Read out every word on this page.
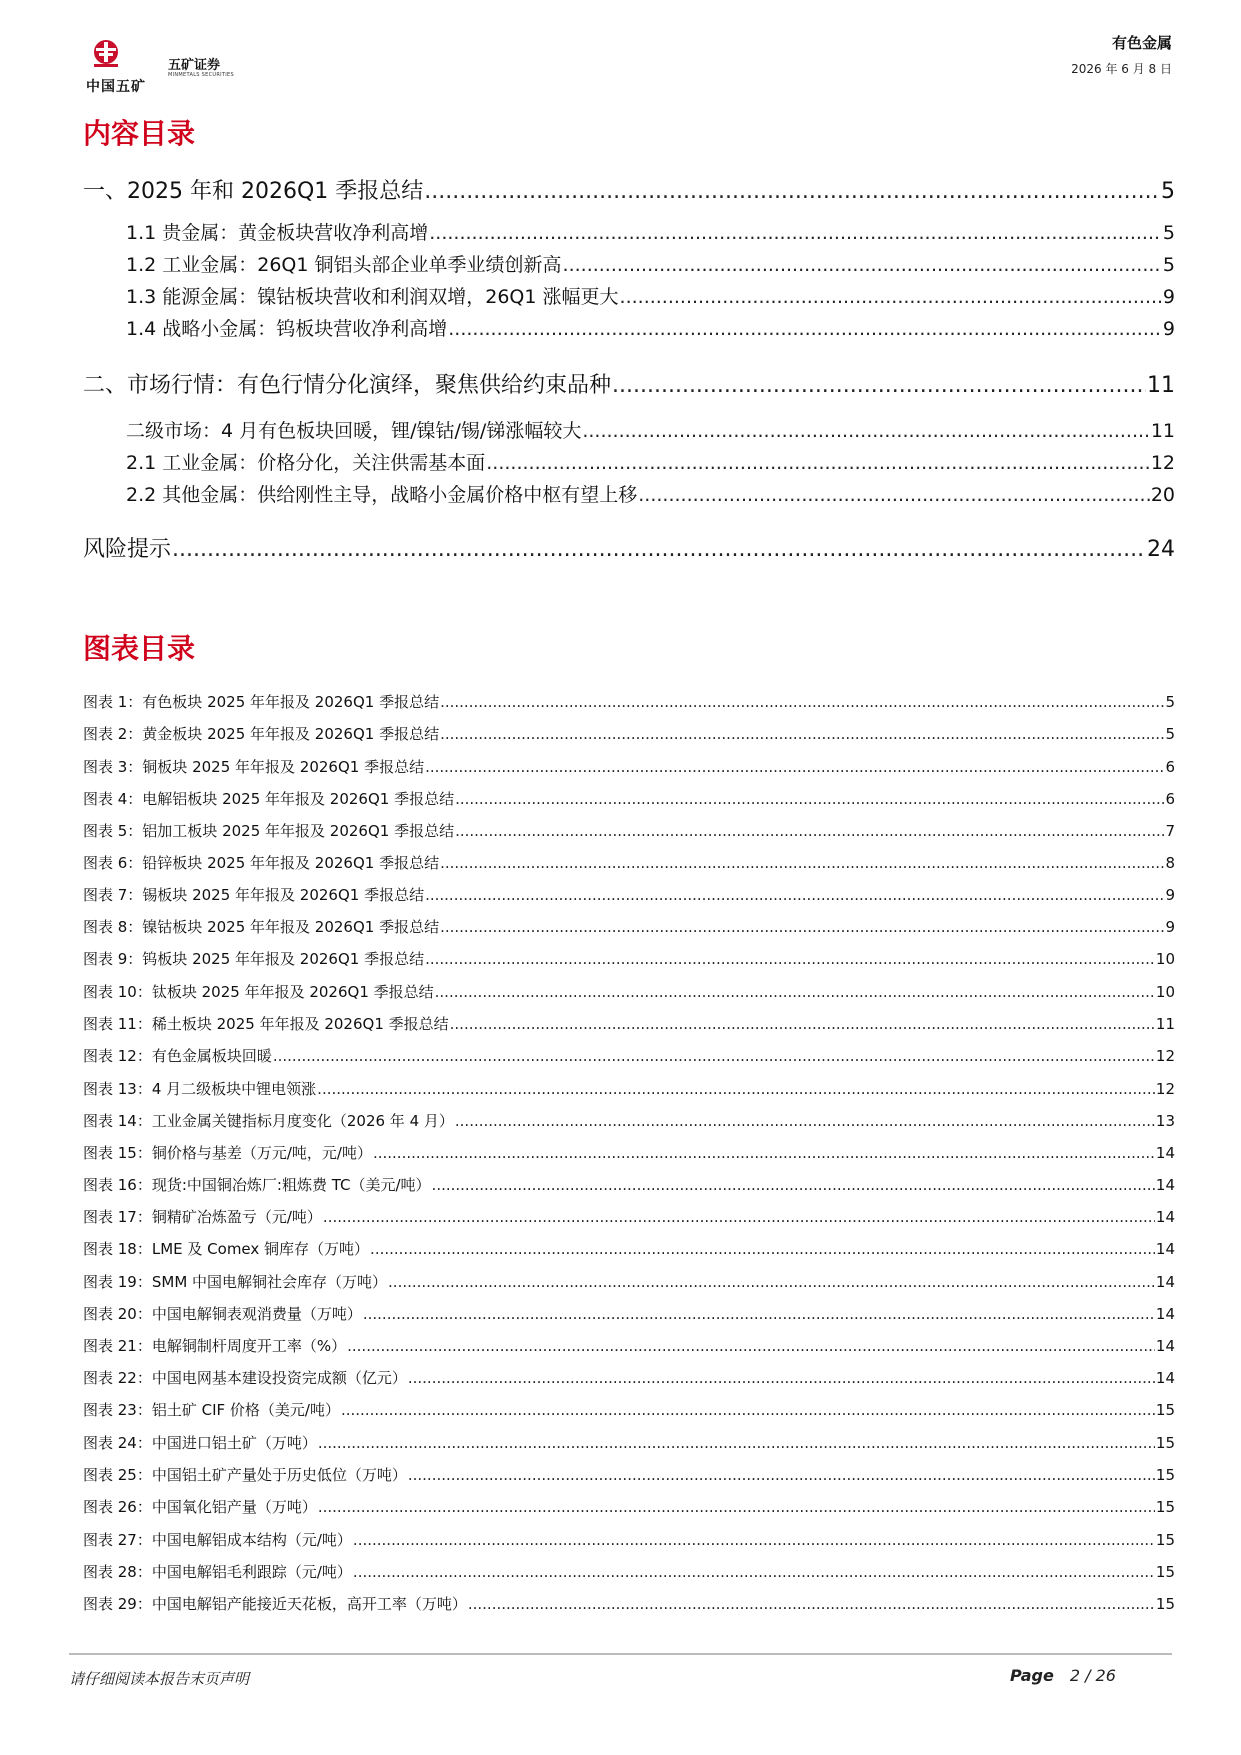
中国五矿
五矿证券
MINMETALS SECURITIES
有色金属
2026 年 6 月 8 日
内容目录
一、2025 年和 2026Q1 季报总结 .....	5
1.1 贵金属：黄金板块营收净利高增 .....	5
1.2 工业金属：26Q1 铜铝头部企业单季业绩创新高 .....	5
1.3 能源金属：镍钴板块营收和利润双增，26Q1 涨幅更大 .....	9
1.4 战略小金属：钨板块营收净利高增 .....	9
二、市场行情：有色行情分化演绎，聚焦供给约束品种 .....	11
二级市场：4 月有色板块回暖，锂/镍钴/锡/锑涨幅较大 .....	11
2.1 工业金属：价格分化，关注供需基本面 .....	12
2.2 其他金属：供给刚性主导，战略小金属价格中枢有望上移 .....	20
风险提示 .....	24
图表目录
图表 1：有色板块 2025 年年报及 2026Q1 季报总结 .....	5
图表 2：黄金板块 2025 年年报及 2026Q1 季报总结 .....	5
图表 3：铜板块 2025 年年报及 2026Q1 季报总结 .....	6
图表 4：电解铝板块 2025 年年报及 2026Q1 季报总结 .....	6
图表 5：铝加工板块 2025 年年报及 2026Q1 季报总结 .....	7
图表 6：铅锌板块 2025 年年报及 2026Q1 季报总结 .....	8
图表 7：锡板块 2025 年年报及 2026Q1 季报总结 .....	9
图表 8：镍钴板块 2025 年年报及 2026Q1 季报总结 .....	9
图表 9：钨板块 2025 年年报及 2026Q1 季报总结 .....	10
图表 10：钛板块 2025 年年报及 2026Q1 季报总结 .....	10
图表 11：稀土板块 2025 年年报及 2026Q1 季报总结 .....	11
图表 12：有色金属板块回暖 .....	12
图表 13：4 月二级板块中锂电领涨 .....	12
图表 14：工业金属关键指标月度变化（2026 年 4 月） .....	13
图表 15：铜价格与基差（万元/吨，元/吨） .....	14
图表 16：现货:中国铜冶炼厂:粗炼费 TC（美元/吨） .....	14
图表 17：铜精矿冶炼盈亏（元/吨） .....	14
图表 18：LME 及 Comex 铜库存（万吨） .....	14
图表 19：SMM 中国电解铜社会库存（万吨） .....	14
图表 20：中国电解铜表观消费量（万吨） .....	14
图表 21：电解铜制杆周度开工率（%） .....	14
图表 22：中国电网基本建设投资完成额（亿元） .....	14
图表 23：铝土矿 CIF 价格（美元/吨） .....	15
图表 24：中国进口铝土矿（万吨） .....	15
图表 25：中国铝土矿产量处于历史低位（万吨） .....	15
图表 26：中国氧化铝产量（万吨） .....	15
图表 27：中国电解铝成本结构（元/吨） .....	15
图表 28：中国电解铝毛利跟踪（元/吨） .....	15
图表 29：中国电解铝产能接近天花板，高开工率（万吨） .....	15
请仔细阅读本报告末页声明	Page 2 / 26
